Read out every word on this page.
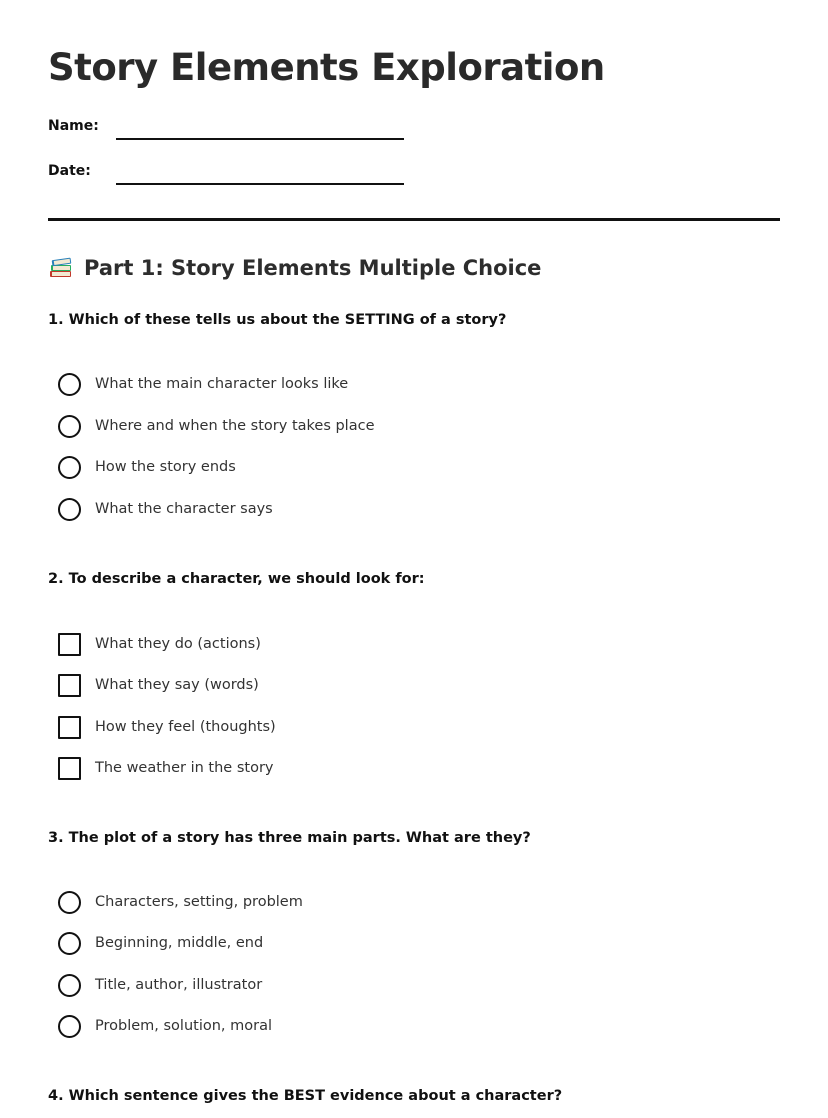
Story Elements Exploration
Name:
Date:
Part 1: Story Elements Multiple Choice

1. Which of these tells us about the SETTING of a story?

What the main character looks like
Where and when the story takes place
How the story ends
What the character says

2. To describe a character, we should look for:

What they do (actions)
What they say (words)
How they feel (thoughts)
The weather in the story

3. The plot of a story has three main parts. What are they?

Characters, setting, problem
Beginning, middle, end
Title, author, illustrator
Problem, solution, moral

4. Which sentence gives the BEST evidence about a character?
